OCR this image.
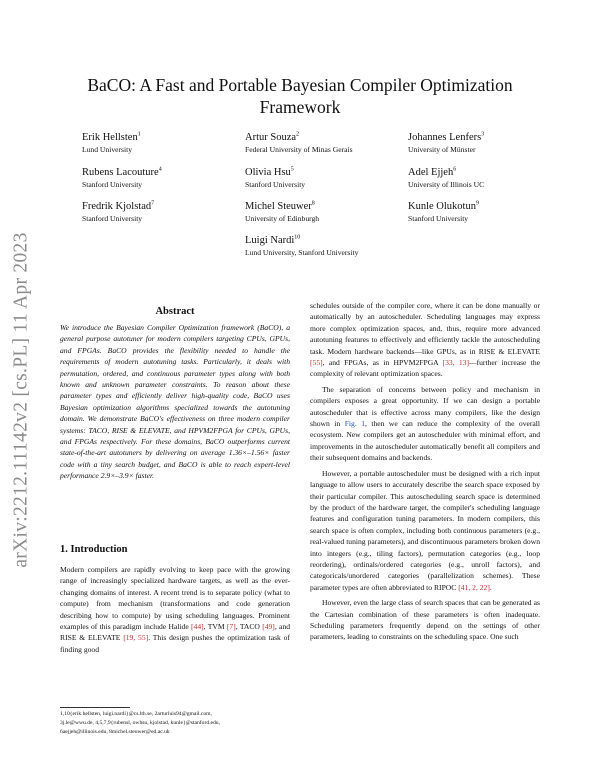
arXiv:2212.11142v2 [cs.PL] 11 Apr 2023
BaCO: A Fast and Portable Bayesian Compiler Optimization Framework
Erik Hellsten$^1$
Lund University
Artur Souza$^2$
Federal University of Minas Gerais
Johannes Lenfers$^3$
University of Münster
Rubens Lacouture$^4$
Stanford University
Olivia Hsu$^5$
Stanford University
Adel Ejjeh$^6$
University of Illinois UC
Fredrik Kjolstad$^7$
Stanford University
Michel Steuwer$^8$
University of Edinburgh
Kunle Olukotun$^9$
Stanford University
Luigi Nardi$^{10}$
Lund University, Stanford University
Abstract
We introduce the Bayesian Compiler Optimization framework (BaCO), a general purpose autotuner for modern compilers targeting CPUs, GPUs, and FPGAs. BaCO provides the flexibility needed to handle the requirements of modern autotuning tasks. Particularly, it deals with permutation, ordered, and continuous parameter types along with both known and unknown parameter constraints. To reason about these parameter types and efficiently deliver high-quality code, BaCO uses Bayesian optimization algorithms specialized towards the autotuning domain. We demonstrate BaCO's effectiveness on three modern compiler systems: TACO, RISE & ELEVATE, and HPVM2FPGA for CPUs, GPUs, and FPGAs respectively. For these domains, BaCO outperforms current state-of-the-art autotuners by delivering on average 1.36×–1.56× faster code with a tiny search budget, and BaCO is able to reach expert-level performance 2.9×–3.9× faster.
1. Introduction
Modern compilers are rapidly evolving to keep pace with the growing range of increasingly specialized hardware targets, as well as the ever-changing domains of interest. A recent trend is to separate policy (what to compute) from mechanism (transformations and code generation describing how to compute) by using scheduling languages. Prominent examples of this paradigm include Halide [44], TVM [7], TACO [49], and RISE & ELEVATE [19, 55]. This design pushes the optimization task of finding good

1,10{erik.hellsten, luigi.nardi}@cs.lth.se, 2arturluis94@gmail.com,

3j.le@wwu.de, 4,5,7,9{rubensl, owhsu, kjolstad, kunle}@stanford.edu,

6aejjeh@illinois.edu, 8michel.steuwer@ed.ac.uk

schedules outside of the compiler core, where it can be done manually or automatically by an autoscheduler. Scheduling languages may express more complex optimization spaces, and, thus, require more advanced autotuning features to effectively and efficiently tackle the autoscheduling task. Modern hardware backends—like GPUs, as in RISE & ELEVATE [55], and FPGAs, as in HPVM2FPGA [33, 13]—further increase the complexity of relevant optimization spaces.

The separation of concerns between policy and mechanism in compilers exposes a great opportunity. If we can design a portable autoscheduler that is effective across many compilers, like the design shown in Fig. 1, then we can reduce the complexity of the overall ecosystem. New compilers get an autoscheduler with minimal effort, and improvements in the autoscheduler automatically benefit all compilers and their subsequent domains and backends.

However, a portable autoscheduler must be designed with a rich input language to allow users to accurately describe the search space exposed by their particular compiler. This autoscheduling search space is determined by the product of the hardware target, the compiler's scheduling language features and configuration tuning parameters. In modern compilers, this search space is often complex, including both continuous parameters (e.g., real-valued tuning parameters), and discontinuous parameters broken down into integers (e.g., tiling factors), permutation categories (e.g., loop reordering), ordinals/ordered categories (e.g., unroll factors), and categoricals/unordered categories (parallelization schemes). These parameter types are often abbreviated to RIPOC [41, 2, 22].

However, even the large class of search spaces that can be generated as the Cartesian combination of these parameters is often inadequate. Scheduling parameters frequently depend on the settings of other parameters, leading to constraints on the scheduling space. One such
